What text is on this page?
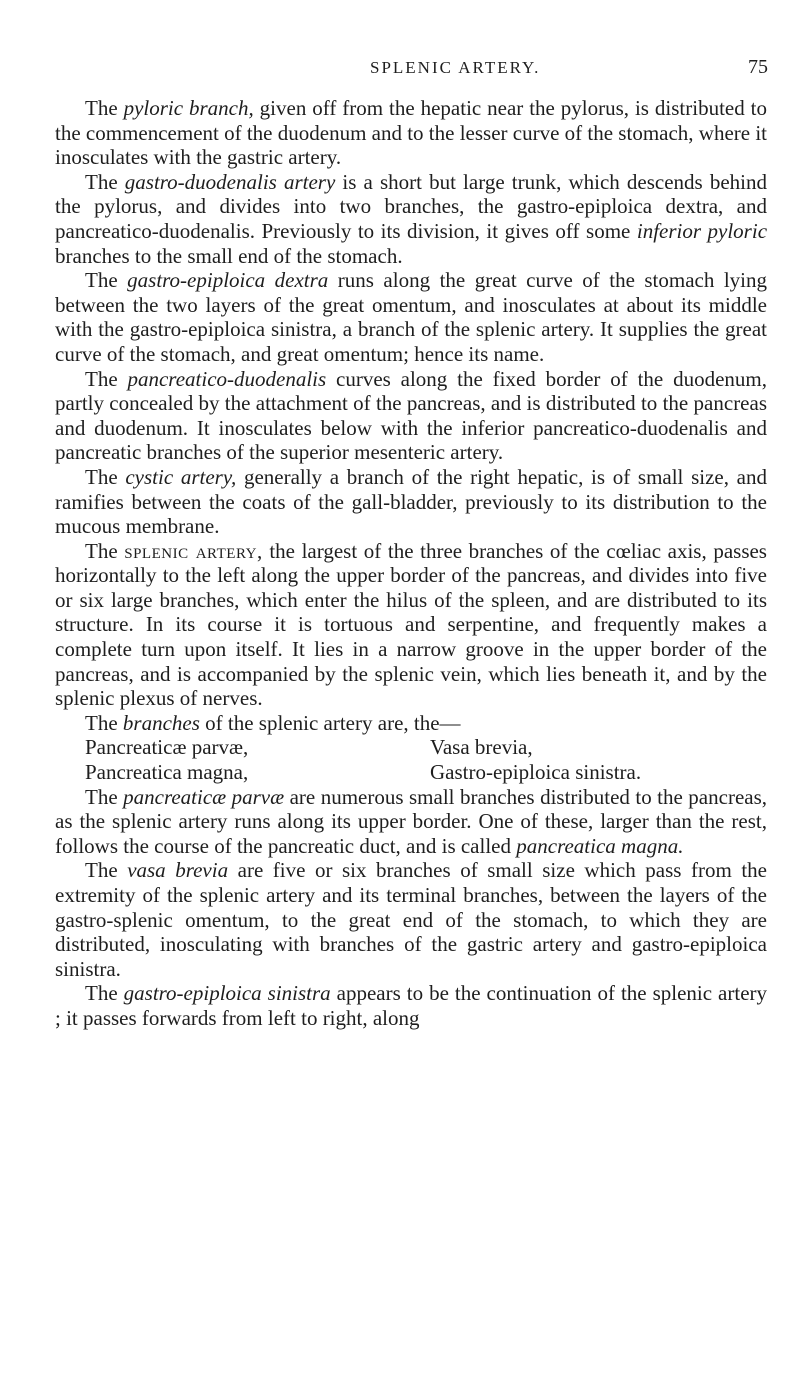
SPLENIC ARTERY.	75

The pyloric branch, given off from the hepatic near the pylorus, is distributed to the commencement of the duodenum and to the lesser curve of the stomach, where it inosculates with the gastric artery.

The gastro-duodenalis artery is a short but large trunk, which descends behind the pylorus, and divides into two branches, the gastro-epiploica dextra, and pancreatico-duodenalis. Previously to its division, it gives off some inferior pyloric branches to the small end of the stomach.

The gastro-epiploica dextra runs along the great curve of the stomach lying between the two layers of the great omentum, and inosculates at about its middle with the gastro-epiploica sinistra, a branch of the splenic artery. It supplies the great curve of the stomach, and great omentum; hence its name.

The pancreatico-duodenalis curves along the fixed border of the duodenum, partly concealed by the attachment of the pancreas, and is distributed to the pancreas and duodenum. It inosculates below with the inferior pancreatico-duodenalis and pancreatic branches of the superior mesenteric artery.

The cystic artery, generally a branch of the right hepatic, is of small size, and ramifies between the coats of the gall-bladder, previously to its distribution to the mucous membrane.

The splenic artery, the largest of the three branches of the cœliac axis, passes horizontally to the left along the upper border of the pancreas, and divides into five or six large branches, which enter the hilus of the spleen, and are distributed to its structure. In its course it is tortuous and serpentine, and frequently makes a complete turn upon itself. It lies in a narrow groove in the upper border of the pancreas, and is accompanied by the splenic vein, which lies beneath it, and by the splenic plexus of nerves.

The branches of the splenic artery are, the—

Pancreaticæ parvæ,	Vasa brevia,
Pancreatica magna,	Gastro-epiploica sinistra.

The pancreaticæ parvæ are numerous small branches distributed to the pancreas, as the splenic artery runs along its upper border. One of these, larger than the rest, follows the course of the pancreatic duct, and is called pancreatica magna.

The vasa brevia are five or six branches of small size which pass from the extremity of the splenic artery and its terminal branches, between the layers of the gastro-splenic omentum, to the great end of the stomach, to which they are distributed, inosculating with branches of the gastric artery and gastro-epiploica sinistra.

The gastro-epiploica sinistra appears to be the continuation of the splenic artery ; it passes forwards from left to right, along
